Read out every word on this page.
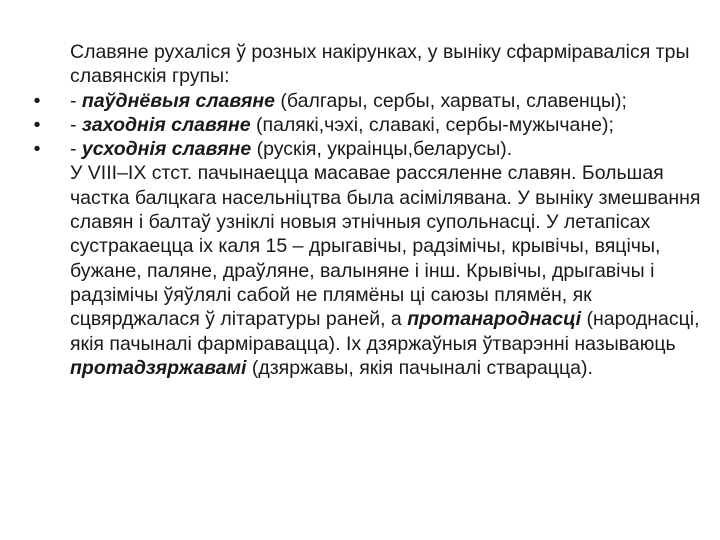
Славяне рухаліся ў розных накірунках, у выніку сфарміраваліся тры славянскія групы:

• - паўднёвыя славяне (балгары, сербы, харваты, славенцы);

• - заходнія славяне (палякі,чэхі, славакі, сербы-мужычане);

• - усходнія славяне (рускія, украінцы,беларусы).

У VIII–IX стст. пачынаецца масавае рассяленне славян. Большая частка балцкага насельніцтва была асімілявана. У выніку змешвання славян і балтаў узніклі новыя этнічныя супольнасці. У летапісах сустракаецца іх каля 15 – дрыгавічы, радзімічы, крывічы, вяцічы, бужане, паляне, драўляне, валыняне і інш. Крывічы, дрыгавічы і радзімічы ўяўлялі сабой не плямёны ці саюзы плямён, як сцвярджалася ў літаратуры раней, а протанароднасці (народнасці, якія пачыналі фарміравацца). Іх дзяржаўныя ўтварэнні называюць протадзяржавамі (дзяржавы, якія пачыналі стварацца).
